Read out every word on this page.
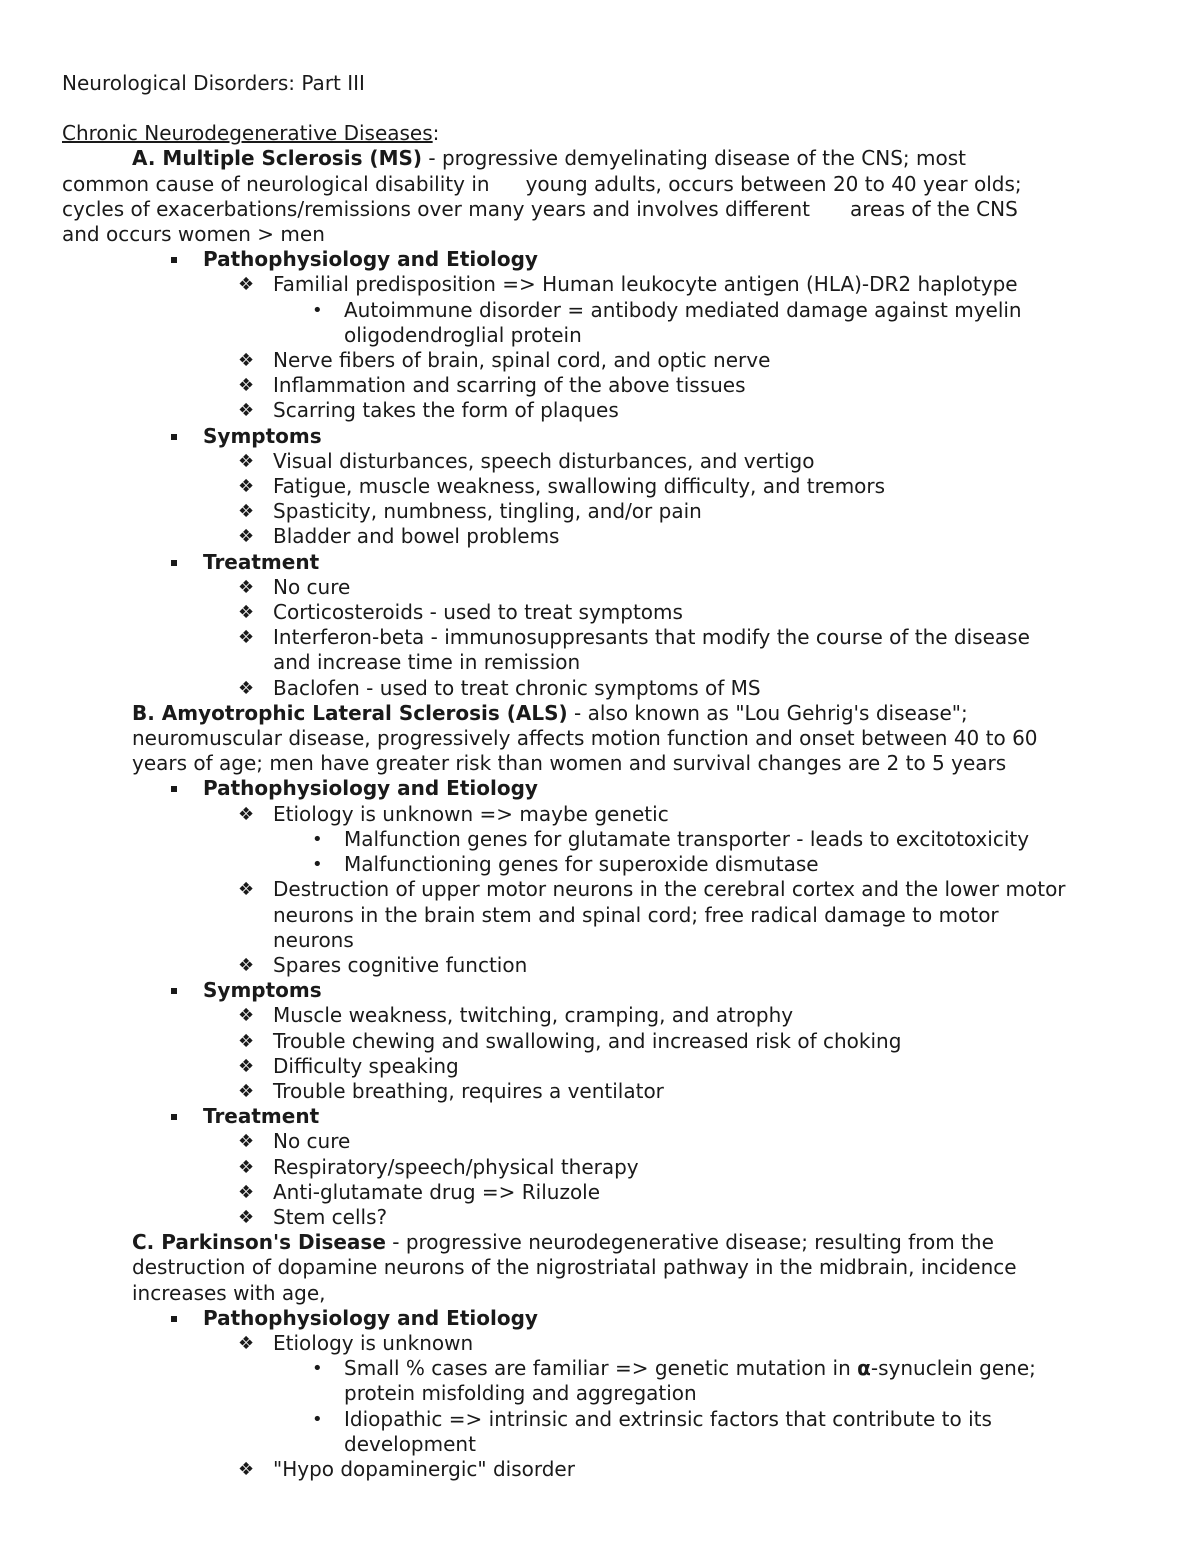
Neurological Disorders: Part III
Chronic Neurodegenerative Diseases:
A. Multiple Sclerosis (MS) - progressive demyelinating disease of the CNS; most
common cause of neurological disability in young adults, occurs between 20 to 40 year olds;
cycles of exacerbations/remissions over many years and involves different areas of the CNS
and occurs women > men
Pathophysiology and Etiology
❖ Familial predisposition => Human leukocyte antigen (HLA)-DR2 haplotype
• Autoimmune disorder = antibody mediated damage against myelin
oligodendroglial protein
❖ Nerve fibers of brain, spinal cord, and optic nerve
❖ Inflammation and scarring of the above tissues
❖ Scarring takes the form of plaques
Symptoms
❖ Visual disturbances, speech disturbances, and vertigo
❖ Fatigue, muscle weakness, swallowing difficulty, and tremors
❖ Spasticity, numbness, tingling, and/or pain
❖ Bladder and bowel problems
Treatment
❖ No cure
❖ Corticosteroids - used to treat symptoms
❖ Interferon-beta - immunosuppresants that modify the course of the disease
and increase time in remission
❖ Baclofen - used to treat chronic symptoms of MS
B. Amyotrophic Lateral Sclerosis (ALS) - also known as "Lou Gehrig's disease";
neuromuscular disease, progressively affects motion function and onset between 40 to 60
years of age; men have greater risk than women and survival changes are 2 to 5 years
Pathophysiology and Etiology
❖ Etiology is unknown => maybe genetic
• Malfunction genes for glutamate transporter - leads to excitotoxicity
• Malfunctioning genes for superoxide dismutase
❖ Destruction of upper motor neurons in the cerebral cortex and the lower motor
neurons in the brain stem and spinal cord; free radical damage to motor
neurons
❖ Spares cognitive function
Symptoms
❖ Muscle weakness, twitching, cramping, and atrophy
❖ Trouble chewing and swallowing, and increased risk of choking
❖ Difficulty speaking
❖ Trouble breathing, requires a ventilator
Treatment
❖ No cure
❖ Respiratory/speech/physical therapy
❖ Anti-glutamate drug => Riluzole
❖ Stem cells?
C. Parkinson's Disease - progressive neurodegenerative disease; resulting from the
destruction of dopamine neurons of the nigrostriatal pathway in the midbrain, incidence
increases with age,
Pathophysiology and Etiology
❖ Etiology is unknown
• Small % cases are familiar => genetic mutation in α-synuclein gene;
protein misfolding and aggregation
• Idiopathic => intrinsic and extrinsic factors that contribute to its
development
❖ "Hypo dopaminergic" disorder
